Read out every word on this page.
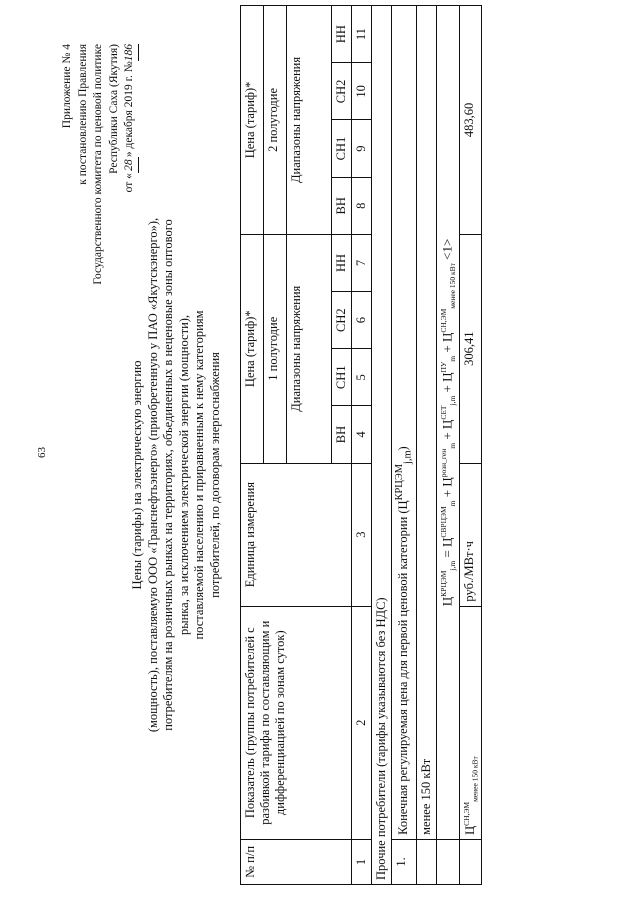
63
Приложение № 4 к постановлению Правления Государственного комитета по ценовой политике Республики Саха (Якутия)
от «28» декабря 2019 г. №186
Цены (тарифы) на электрическую энергию (мощность), поставляемую ООО «Транснефтьэнерго» (приобретенную у ПАО «Якутскэнерго»), потребителям на розничных рынках на территориях, объединенных в неценовые зоны оптового рынка, за исключением электрической энергии (мощности), поставляемой населению и приравненным к нему категориям потребителей, по договорам энергоснабжения
№ п/п	Показатель (группы потребителей с разбивкой тарифа по составляющим и дифференциацией по зонам суток)	Единица измерения	Цена (тариф)*				Цена (тариф)*			
			1 полугодие				2 полугодие			
			Диапазоны напряжения				Диапазоны напряжения			
			ВН	СН1	СН2	НН	ВН	СН1	СН2	НН
1	2	3	4	5	6	7	8	9	10	11
Прочие потребители (тарифы указываются без НДС)										
1.	Конечная регулируемая цена для первой ценовой категории $(Ц^{КРЦЭМ}_{j,m})$									
	менее 150 кВт									
	$Ц^{КРЦЭМ}_{j,m} = Ц^{СВРЦЭМ}_m + Ц^{розн\_ген}_m + Ц^{СЕТ}_{j,m} + Ц^{ПУ}_m + Ц^{СН,ЭМ}_{менее 150 кВт} <1>$									
	$Ц^{СН,ЭМ}_{менее 150 кВт}$	руб./МВт·ч	306,41				483,60			
